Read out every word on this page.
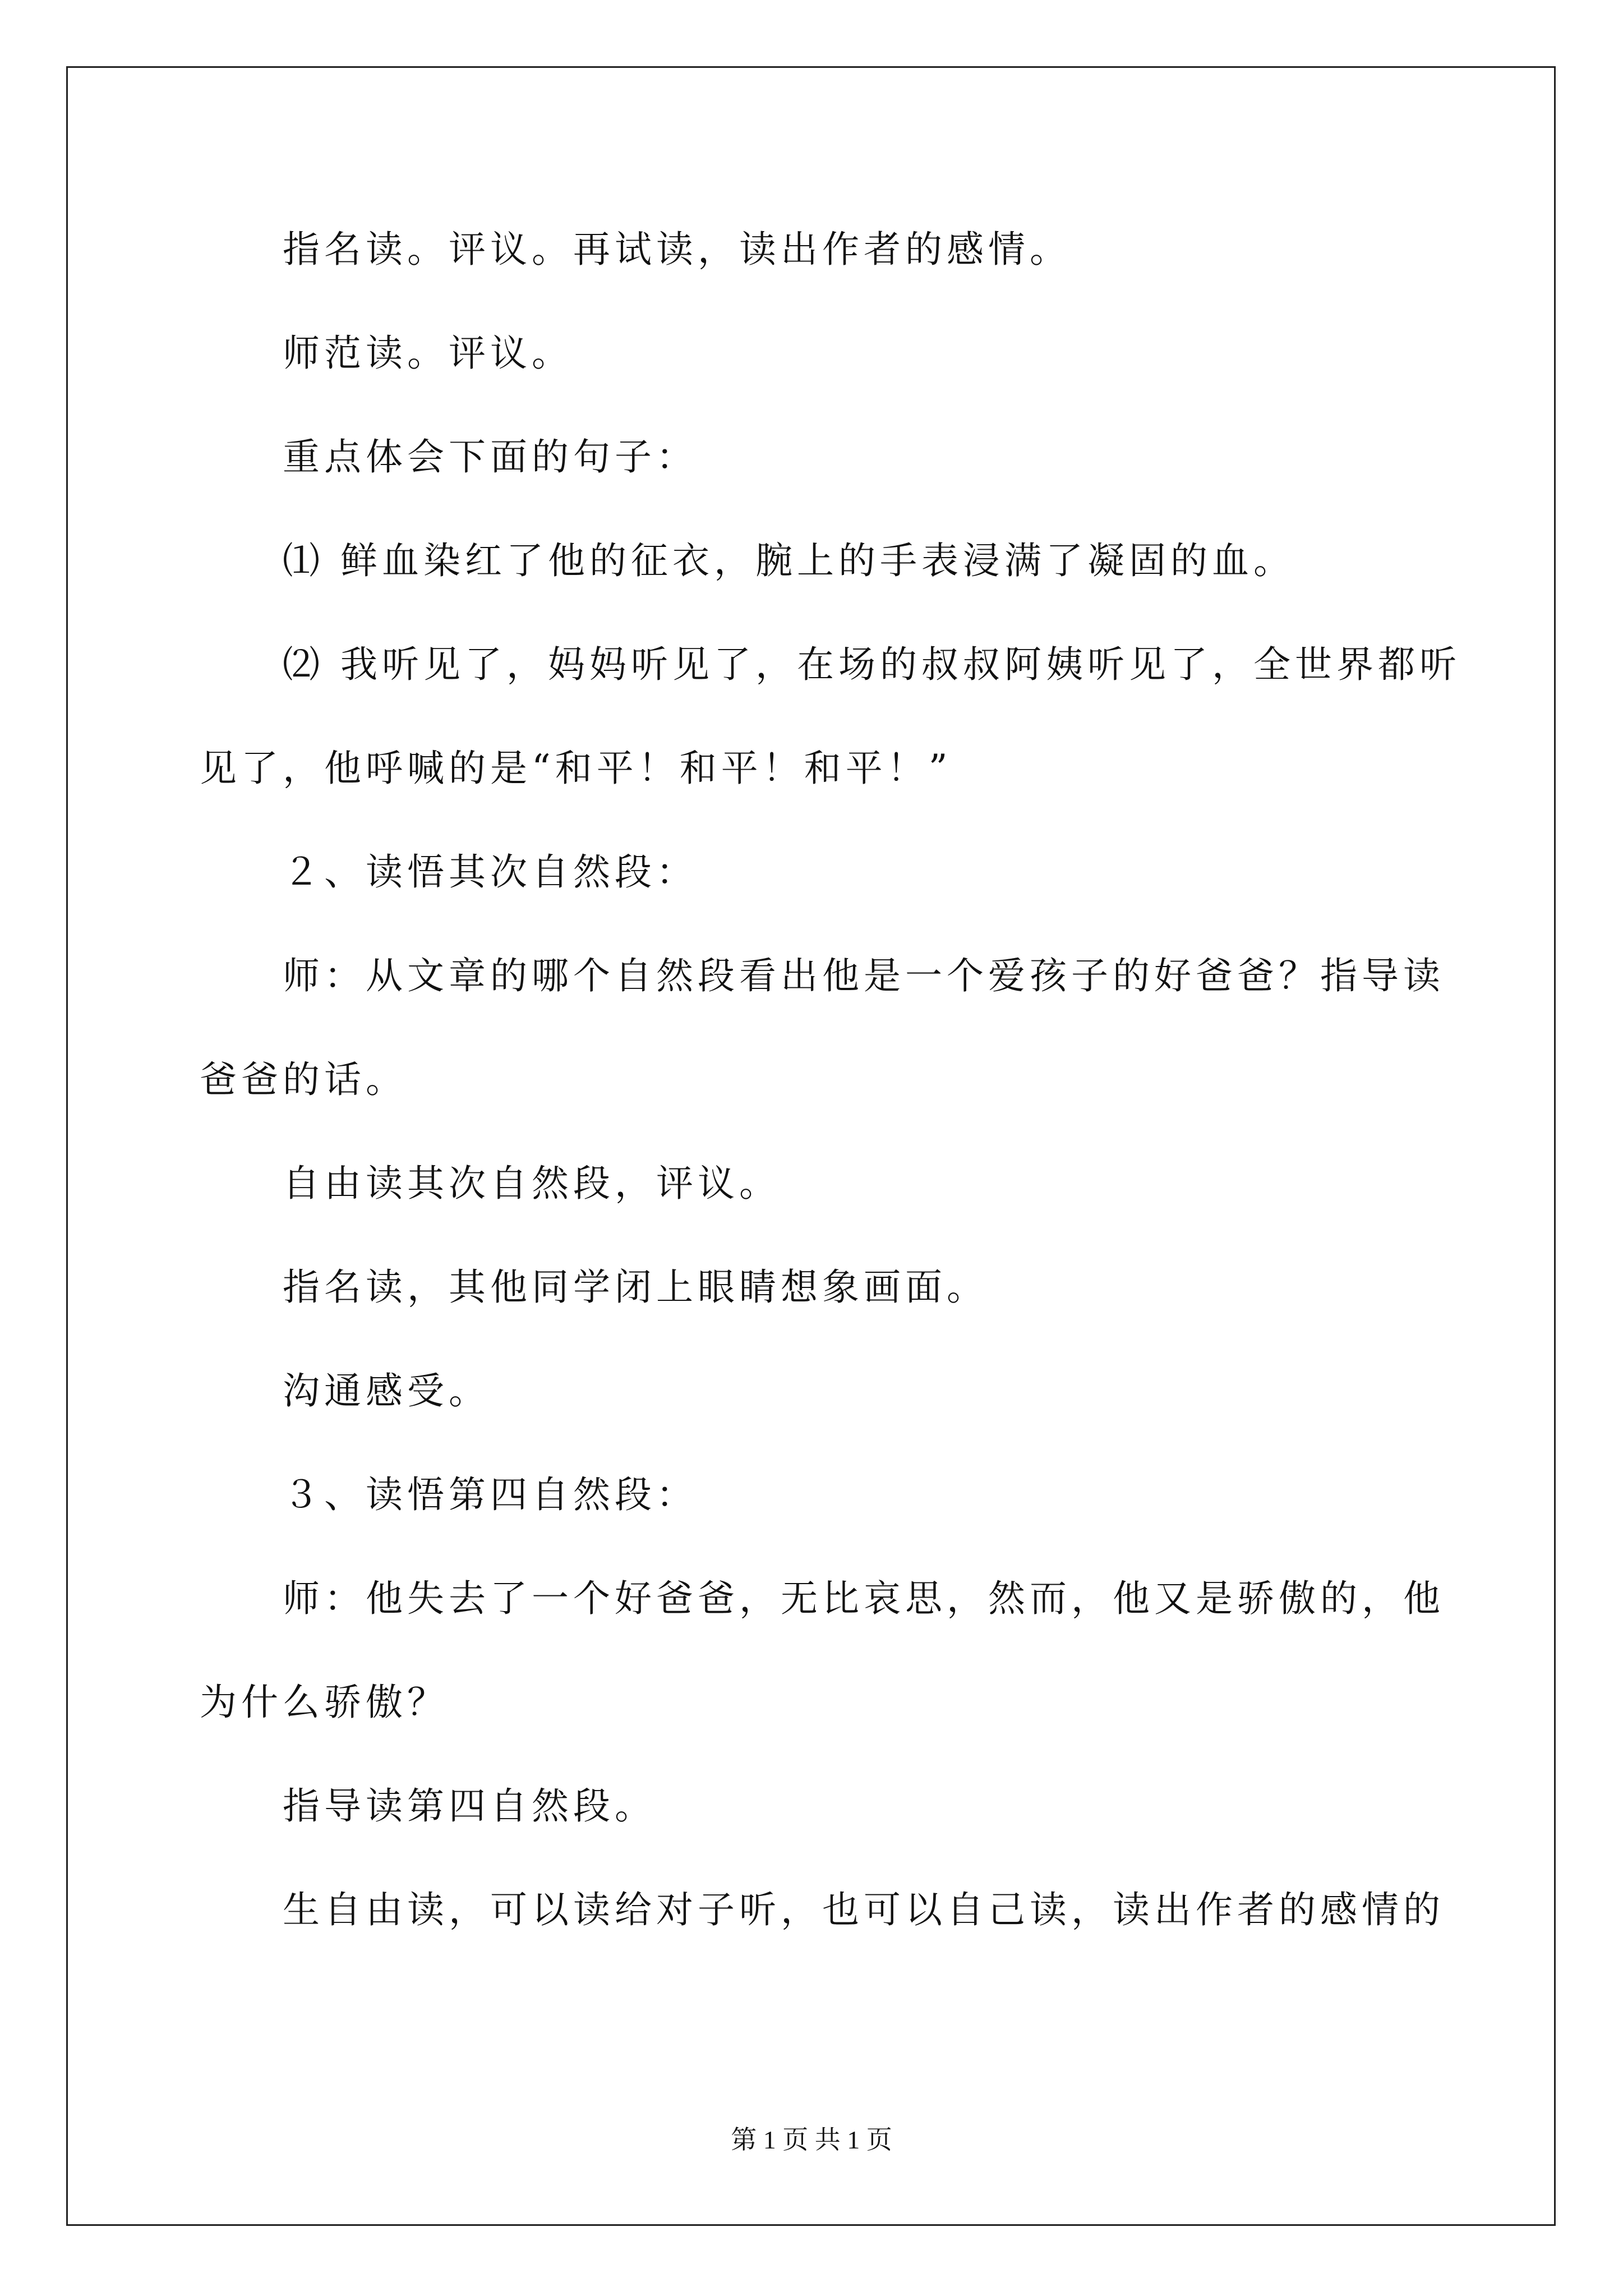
指名读。评议。再试读，读出作者的感情。
师范读。评议。
重点体会下面的句子：
⑴ 鲜血染红了他的征衣，腕上的手表浸满了凝固的血。
⑵ 我听见了，妈妈听见了，在场的叔叔阿姨听见了，全世界都听
见了，他呼喊的是“和平！和平！和平！”
２、读悟其次自然段：
师：从文章的哪个自然段看出他是一个爱孩子的好爸爸？指导读
爸爸的话。
自由读其次自然段，评议。
指名读，其他同学闭上眼睛想象画面。
沟通感受。
３、读悟第四自然段：
师：他失去了一个好爸爸，无比哀思，然而，他又是骄傲的，他
为什么骄傲？
指导读第四自然段。
生自由读，可以读给对子听，也可以自己读，读出作者的感情的
第 1 页 共 1 页
